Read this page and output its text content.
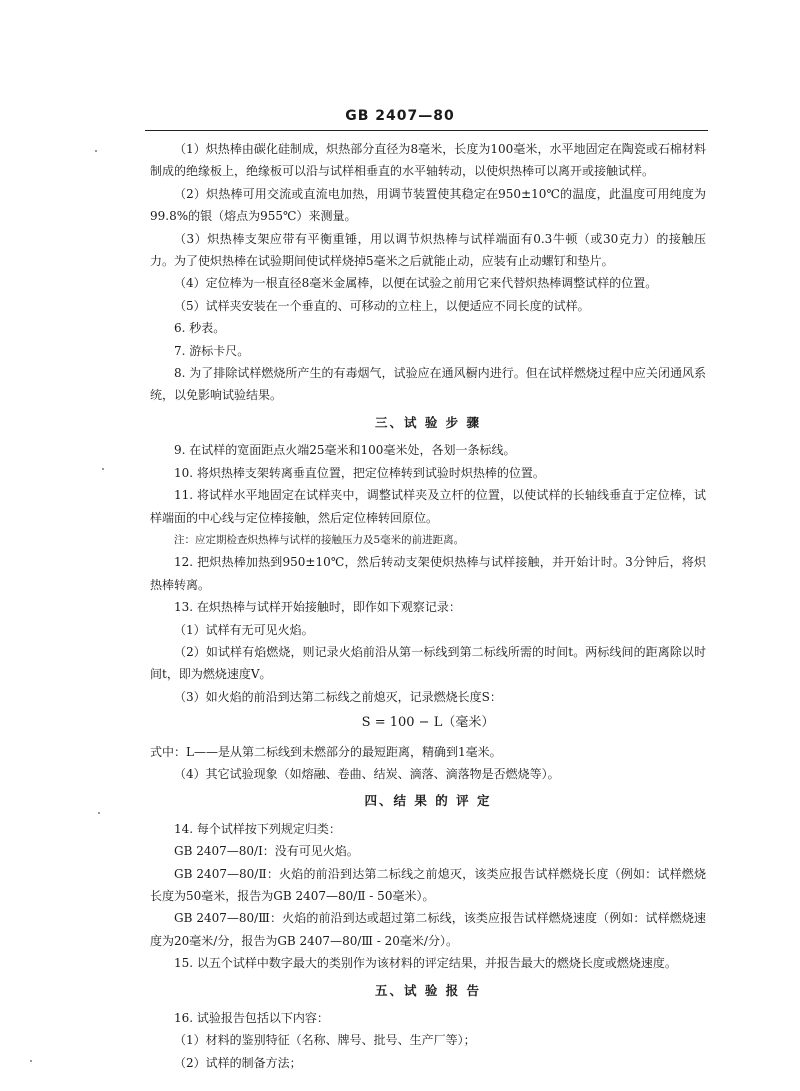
GB 2407—80

（1）炽热棒由碳化硅制成，炽热部分直径为8毫米，长度为100毫米，水平地固定在陶瓷或石棉材料制成的绝缘板上，绝缘板可以沿与试样相垂直的水平轴转动，以使炽热棒可以离开或接触试样。

（2）炽热棒可用交流或直流电加热，用调节装置使其稳定在950±10℃的温度，此温度可用纯度为99.8%的银（熔点为955℃）来测量。

（3）炽热棒支架应带有平衡重锤，用以调节炽热棒与试样端面有0.3牛顿（或30克力）的接触压力。为了使炽热棒在试验期间使试样烧掉5毫米之后就能止动，应装有止动螺钉和垫片。

（4）定位棒为一根直径8毫米金属棒，以便在试验之前用它来代替炽热棒调整试样的位置。

（5）试样夹安装在一个垂直的、可移动的立柱上，以便适应不同长度的试样。

6. 秒表。

7. 游标卡尺。

8. 为了排除试样燃烧所产生的有毒烟气，试验应在通风橱内进行。但在试样燃烧过程中应关闭通风系统，以免影响试验结果。

三、试 验 步 骤

9. 在试样的宽面距点火端25毫米和100毫米处，各划一条标线。

10. 将炽热棒支架转离垂直位置，把定位棒转到试验时炽热棒的位置。

11. 将试样水平地固定在试样夹中，调整试样夹及立杆的位置，以使试样的长轴线垂直于定位棒，试样端面的中心线与定位棒接触，然后定位棒转回原位。

注：应定期检查炽热棒与试样的接触压力及5毫米的前进距离。

12. 把炽热棒加热到950±10℃，然后转动支架使炽热棒与试样接触，并开始计时。3分钟后，将炽热棒转离。

13. 在炽热棒与试样开始接触时，即作如下观察记录：

（1）试样有无可见火焰。

（2）如试样有焰燃烧，则记录火焰前沿从第一标线到第二标线所需的时间t。两标线间的距离除以时间t，即为燃烧速度V。

（3）如火焰的前沿到达第二标线之前熄灭，记录燃烧长度S：

S = 100 − L（毫米）

式中：L——是从第二标线到未燃部分的最短距离，精确到1毫米。

（4）其它试验现象（如熔融、卷曲、结炭、滴落、滴落物是否燃烧等）。

四、结 果 的 评 定

14. 每个试样按下列规定归类：

GB 2407—80/Ⅰ：没有可见火焰。

GB 2407—80/Ⅱ：火焰的前沿到达第二标线之前熄灭，该类应报告试样燃烧长度（例如：试样燃烧长度为50毫米，报告为GB 2407—80/Ⅱ - 50毫米）。

GB 2407—80/Ⅲ：火焰的前沿到达或超过第二标线，该类应报告试样燃烧速度（例如：试样燃烧速度为20毫米/分，报告为GB 2407—80/Ⅲ - 20毫米/分）。

15. 以五个试样中数字最大的类别作为该材料的评定结果，并报告最大的燃烧长度或燃烧速度。

五、试 验 报 告

16. 试验报告包括以下内容：

（1）材料的鉴别特征（名称、牌号、批号、生产厂等）；

（2）试样的制备方法；
